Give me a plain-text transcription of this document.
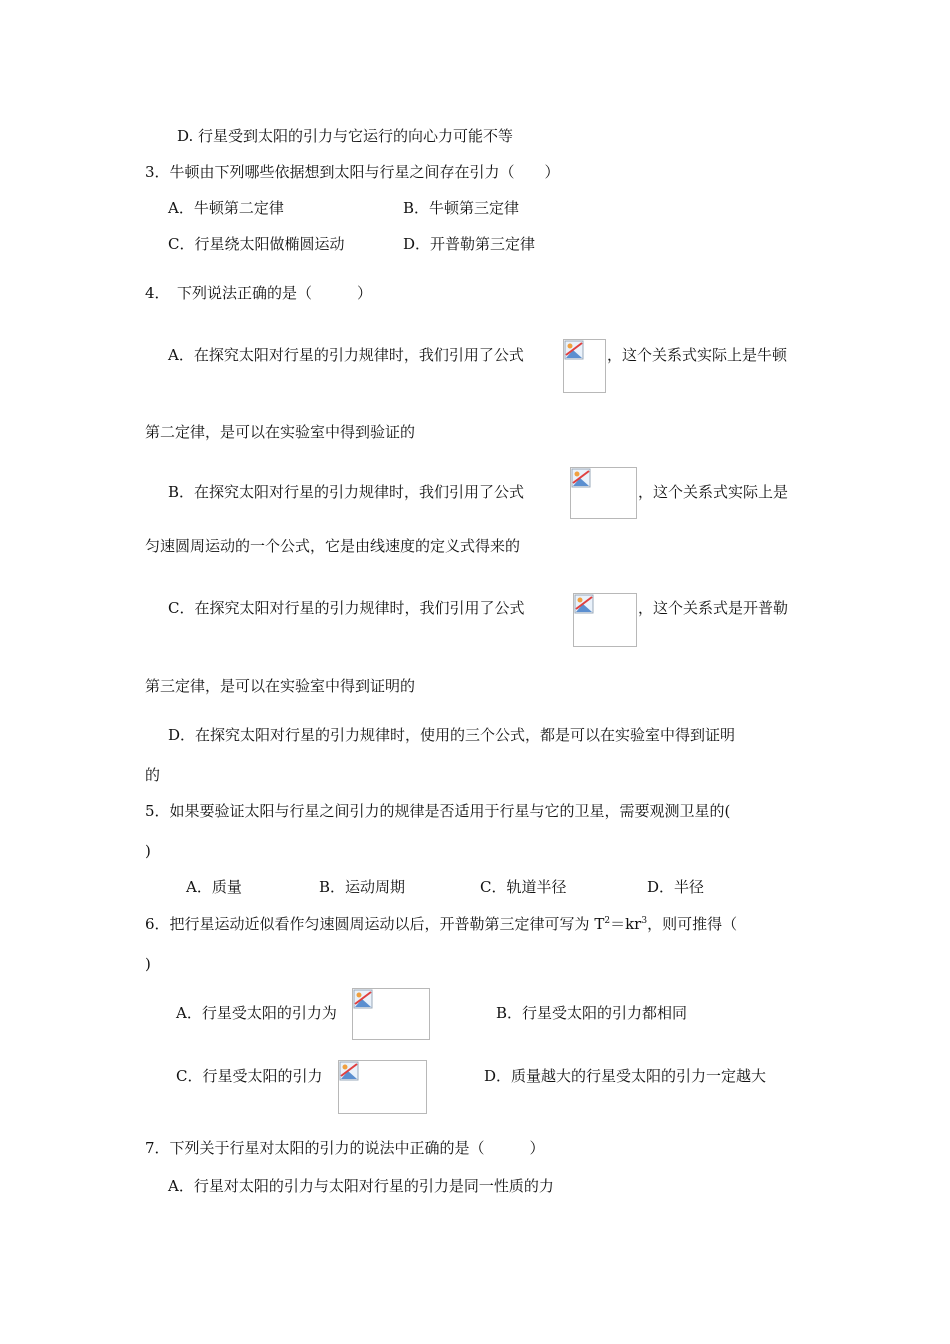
D. 行星受到太阳的引力与它运行的向心力可能不等
3．牛顿由下列哪些依据想到太阳与行星之间存在引力（　　）
A．牛顿第二定律	B．牛顿第三定律
C．行星绕太阳做椭圆运动	D．开普勒第三定律
4．　下列说法正确的是（　　　）
A．在探究太阳对行星的引力规律时，我们引用了公式	，这个关系式实际上是牛顿
第二定律，是可以在实验室中得到验证的
B．在探究太阳对行星的引力规律时，我们引用了公式	，这个关系式实际上是
匀速圆周运动的一个公式，它是由线速度的定义式得来的
C．在探究太阳对行星的引力规律时，我们引用了公式	，这个关系式是开普勒
第三定律，是可以在实验室中得到证明的
D．在探究太阳对行星的引力规律时，使用的三个公式，都是可以在实验室中得到证明
的
5．如果要验证太阳与行星之间引力的规律是否适用于行星与它的卫星，需要观测卫星的(
)
A．质量	B．运动周期	C．轨道半径	D．半径
6．把行星运动近似看作匀速圆周运动以后，开普勒第三定律可写为 $T^2=kr^3$，则可推得（
)
A．行星受太阳的引力为	B．行星受太阳的引力都相同
C．行星受太阳的引力	D．质量越大的行星受太阳的引力一定越大
7．下列关于行星对太阳的引力的说法中正确的是（　　　）
A．行星对太阳的引力与太阳对行星的引力是同一性质的力
